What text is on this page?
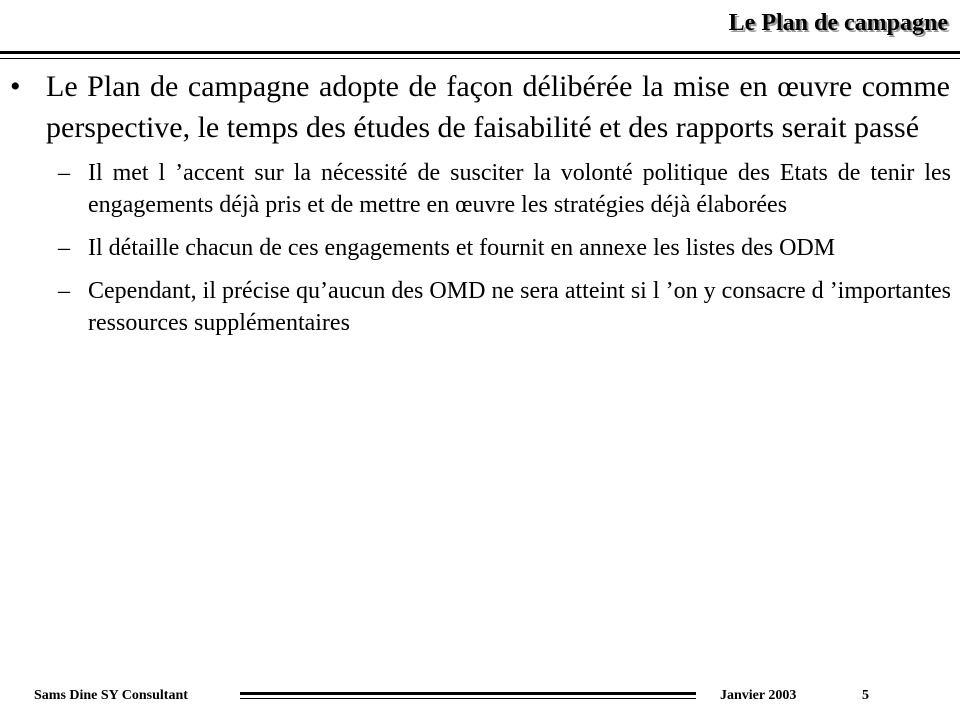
Le Plan de campagne
• Le Plan de campagne adopte de façon délibérée la mise en œuvre comme perspective, le temps des études de faisabilité et des rapports serait passé
– Il met l ’accent sur la nécessité de susciter la volonté politique des Etats de tenir les engagements déjà pris et de mettre en œuvre les stratégies déjà élaborées
– Il détaille chacun de ces engagements et fournit en annexe les listes des ODM
– Cependant, il précise qu’aucun des OMD ne sera atteint si l ’on y consacre d ’importantes ressources supplémentaires
Sams Dine SY Consultant	Janvier 2003	5
